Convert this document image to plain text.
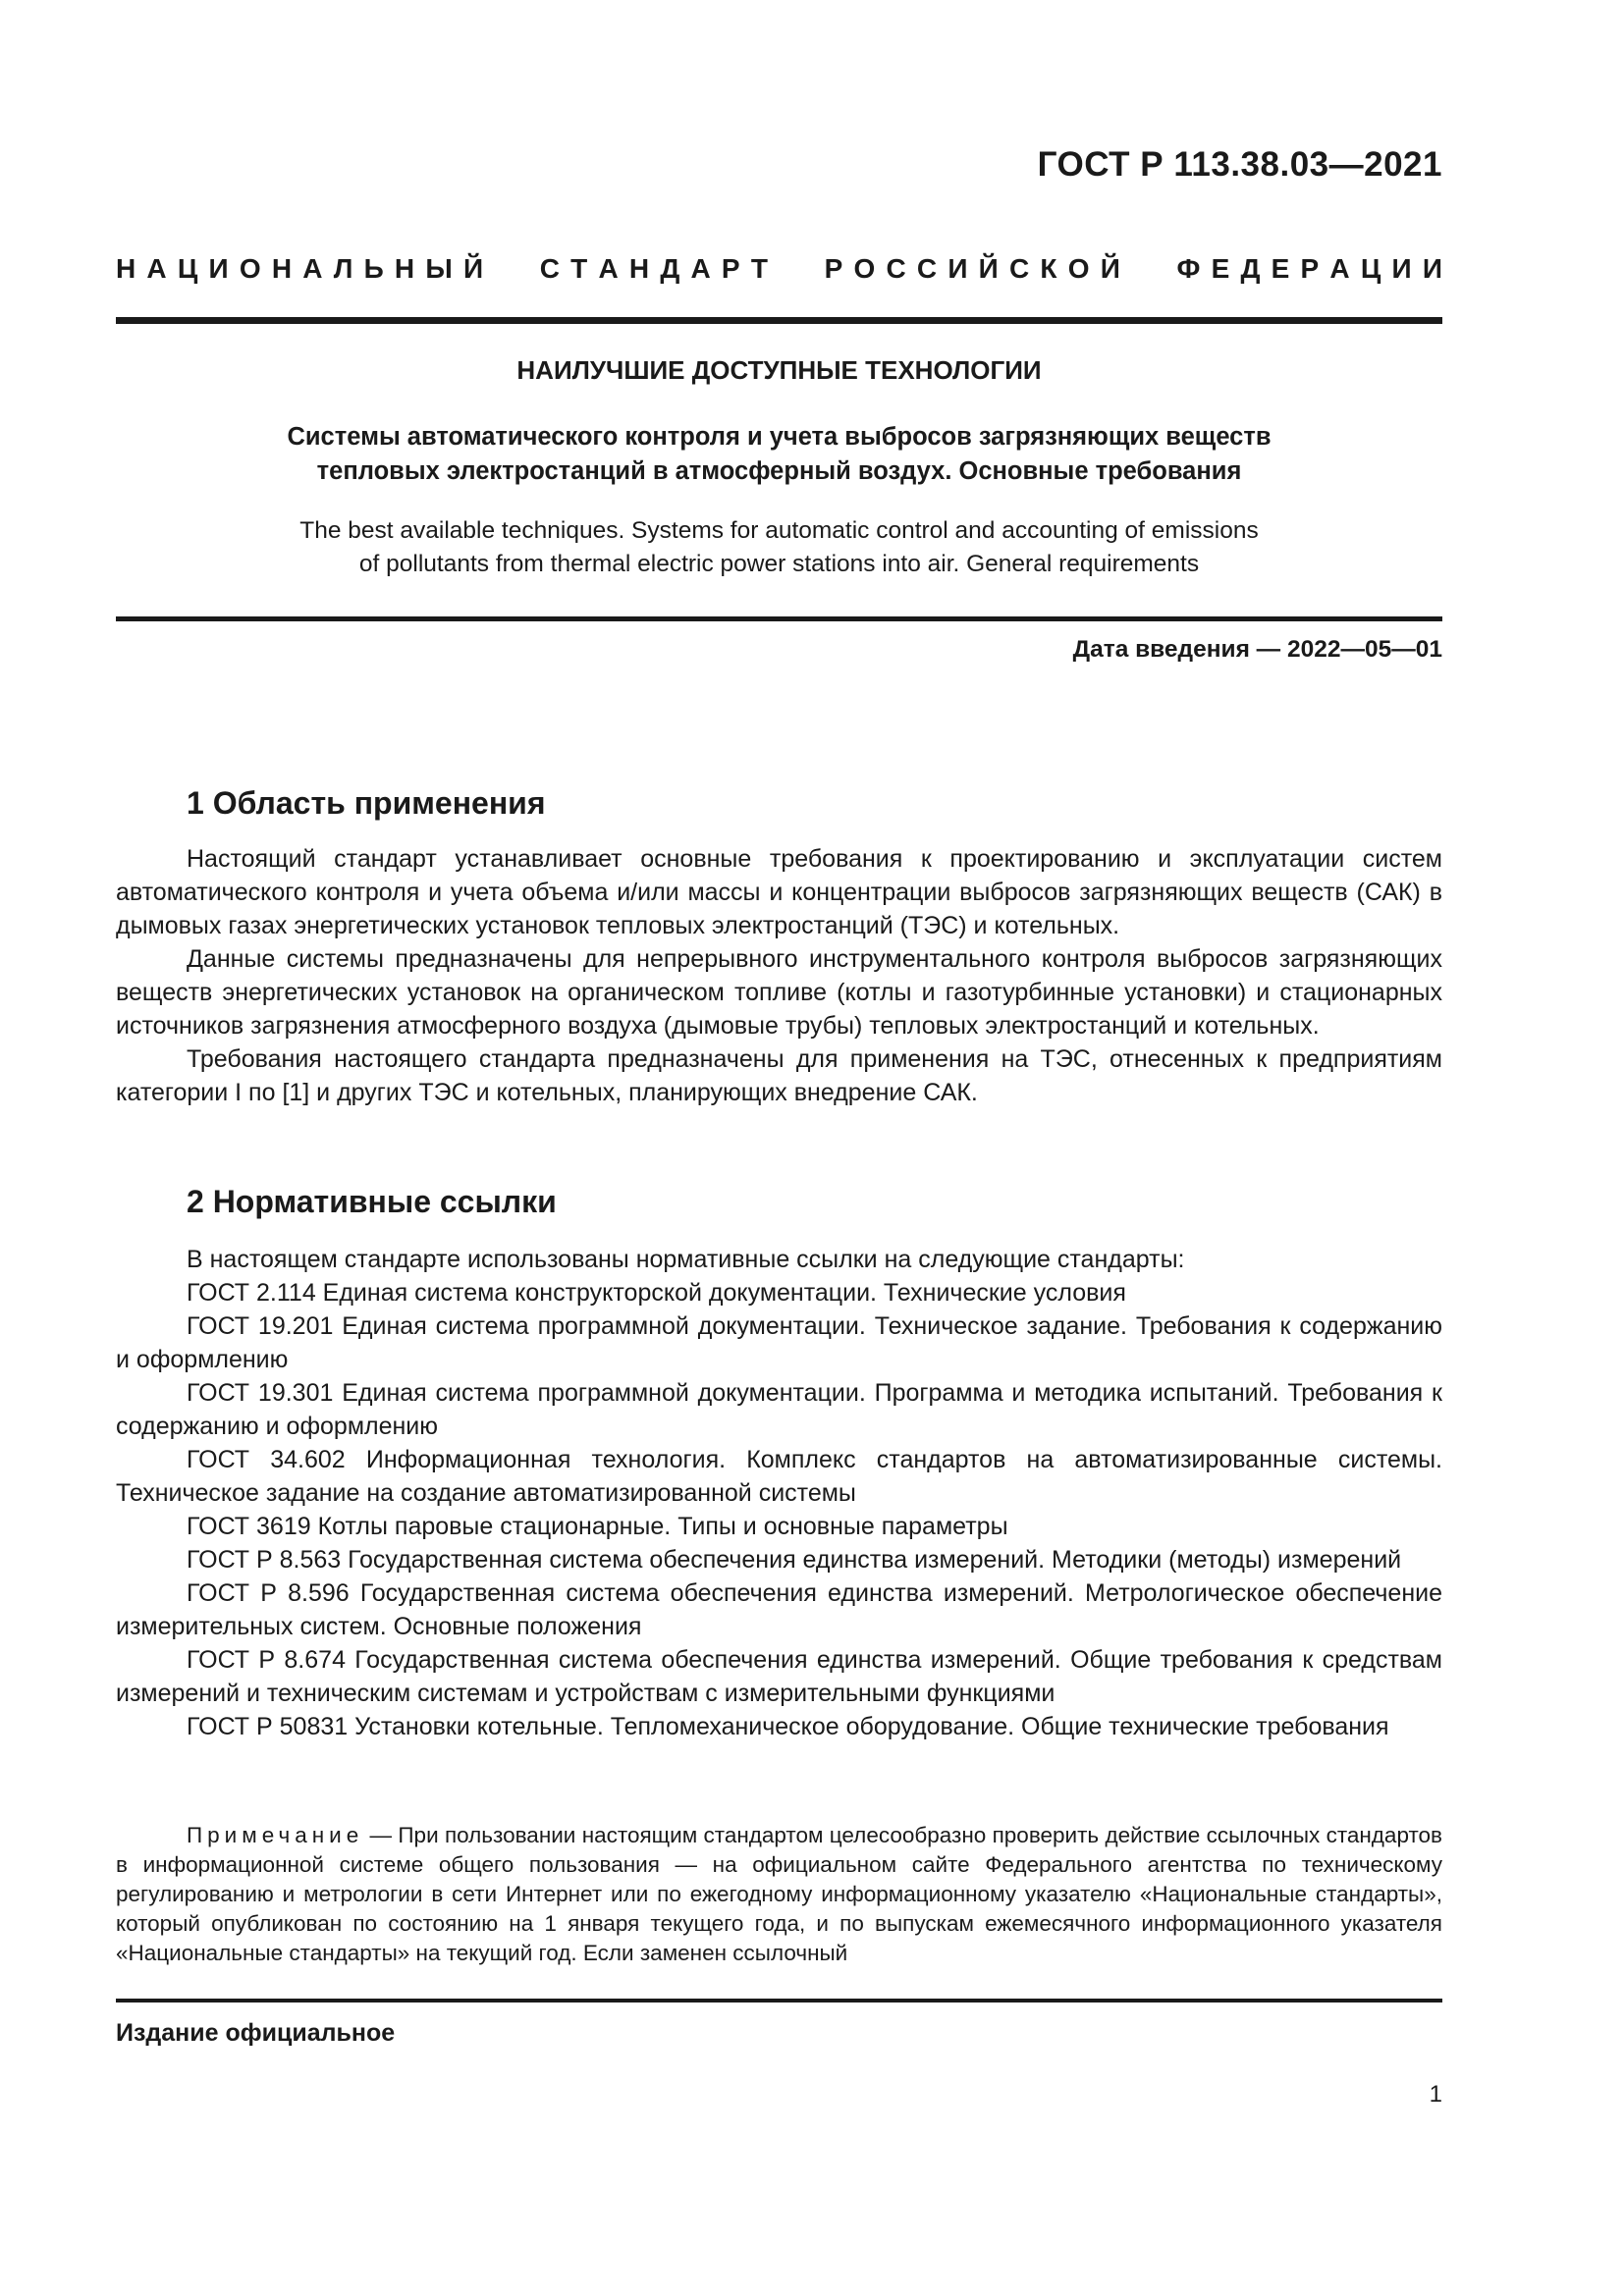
ГОСТ Р 113.38.03—2021
Н  А  Ц  И  О  Н  А  Л  Ь  Н  Ы  Й С  Т  А  Н  Д  А  Р  Т Р  О  С  С  И  Й  С  К  О  Й Ф  Е  Д  Е  Р  А  Ц  И  И
НАИЛУЧШИЕ ДОСТУПНЫЕ ТЕХНОЛОГИИ
Системы автоматического контроля и учета выбросов загрязняющих веществ
тепловых электростанций в атмосферный воздух. Основные требования
The best available techniques. Systems for automatic control and accounting of emissions
of pollutants from thermal electric power stations into air. General requirements
Дата введения — 2022—05—01
1 Область применения

Настоящий стандарт устанавливает основные требования к проектированию и эксплуатации систем автоматического контроля и учета объема и/или массы и концентрации выбросов загрязняющих веществ (САК) в дымовых газах энергетических установок тепловых электростанций (ТЭС) и котельных.

Данные системы предназначены для непрерывного инструментального контроля выбросов загрязняющих веществ энергетических установок на органическом топливе (котлы и газотурбинные установки) и стационарных источников загрязнения атмосферного воздуха (дымовые трубы) тепловых электростанций и котельных.

Требования настоящего стандарта предназначены для применения на ТЭС, отнесенных к предприятиям категории I по [1] и других ТЭС и котельных, планирующих внедрение САК.

2 Нормативные ссылки

В настоящем стандарте использованы нормативные ссылки на следующие стандарты:

ГОСТ 2.114 Единая система конструкторской документации. Технические условия

ГОСТ 19.201 Единая система программной документации. Техническое задание. Требования к содержанию и оформлению

ГОСТ 19.301 Единая система программной документации. Программа и методика испытаний. Требования к содержанию и оформлению

ГОСТ 34.602 Информационная технология. Комплекс стандартов на автоматизированные системы. Техническое задание на создание автоматизированной системы

ГОСТ 3619 Котлы паровые стационарные. Типы и основные параметры

ГОСТ Р 8.563 Государственная система обеспечения единства измерений. Методики (методы) измерений

ГОСТ Р 8.596 Государственная система обеспечения единства измерений. Метрологическое обеспечение измерительных систем. Основные положения

ГОСТ Р 8.674 Государственная система обеспечения единства измерений. Общие требования к средствам измерений и техническим системам и устройствам с измерительными функциями

ГОСТ Р 50831 Установки котельные. Тепломеханическое оборудование. Общие технические требования

Примечание — При пользовании настоящим стандартом целесообразно проверить действие ссылочных стандартов в информационной системе общего пользования — на официальном сайте Федерального агентства по техническому регулированию и метрологии в сети Интернет или по ежегодному информационному указателю «Национальные стандарты», который опубликован по состоянию на 1 января текущего года, и по выпускам ежемесячного информационного указателя «Национальные стандарты» на текущий год. Если заменен ссылочный
Издание официальное
1
